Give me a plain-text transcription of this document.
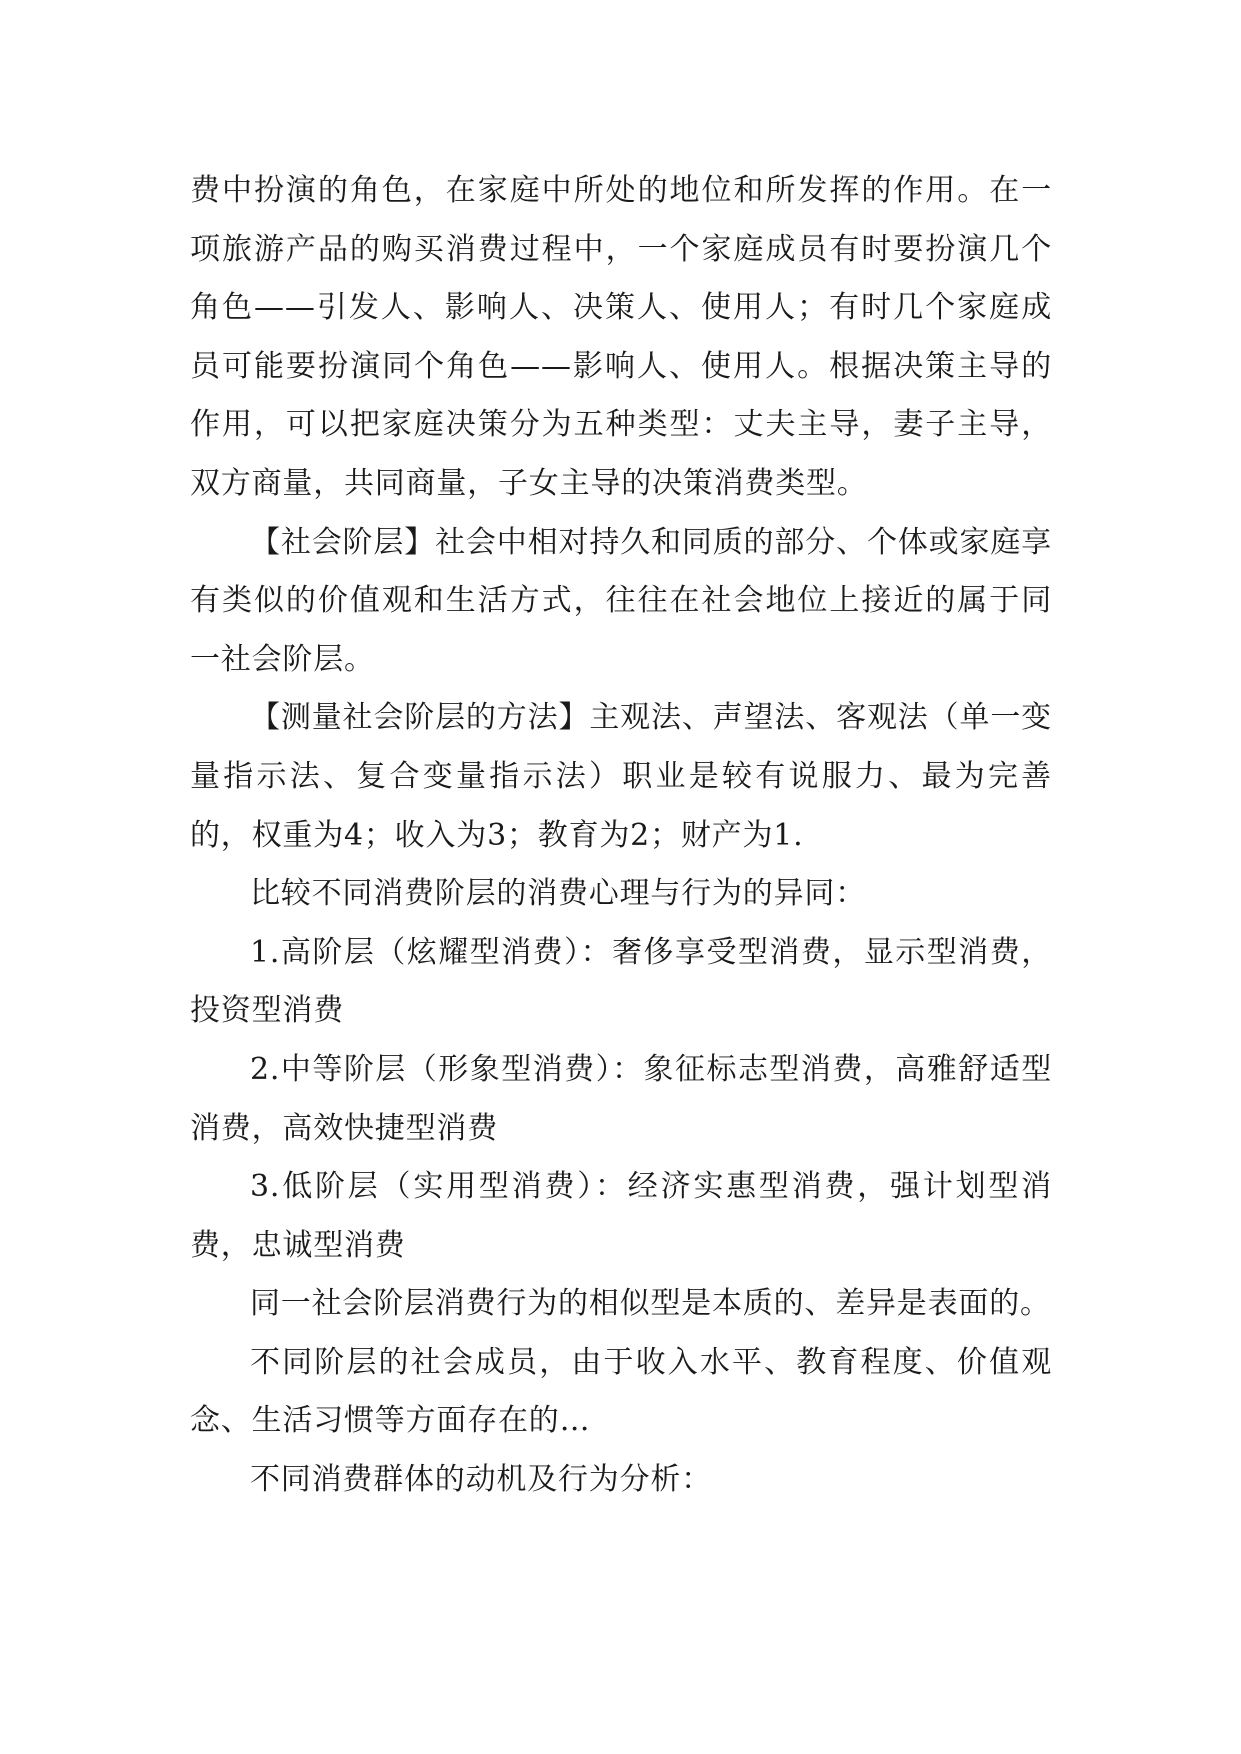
费中扮演的角色，在家庭中所处的地位和所发挥的作用。在一项旅游产品的购买消费过程中，一个家庭成员有时要扮演几个角色——引发人、影响人、决策人、使用人；有时几个家庭成员可能要扮演同个角色——影响人、使用人。根据决策主导的作用，可以把家庭决策分为五种类型：丈夫主导，妻子主导，双方商量，共同商量，子女主导的决策消费类型。

【社会阶层】社会中相对持久和同质的部分、个体或家庭享有类似的价值观和生活方式，往往在社会地位上接近的属于同一社会阶层。

【测量社会阶层的方法】主观法、声望法、客观法（单一变量指示法、复合变量指示法）职业是较有说服力、最为完善的，权重为4；收入为3；教育为2；财产为1.

比较不同消费阶层的消费心理与行为的异同：

1.高阶层（炫耀型消费）：奢侈享受型消费，显示型消费，投资型消费

2.中等阶层（形象型消费）：象征标志型消费，高雅舒适型消费，高效快捷型消费

3.低阶层（实用型消费）：经济实惠型消费，强计划型消费，忠诚型消费

同一社会阶层消费行为的相似型是本质的、差异是表面的。

不同阶层的社会成员，由于收入水平、教育程度、价值观念、生活习惯等方面存在的…

不同消费群体的动机及行为分析：
